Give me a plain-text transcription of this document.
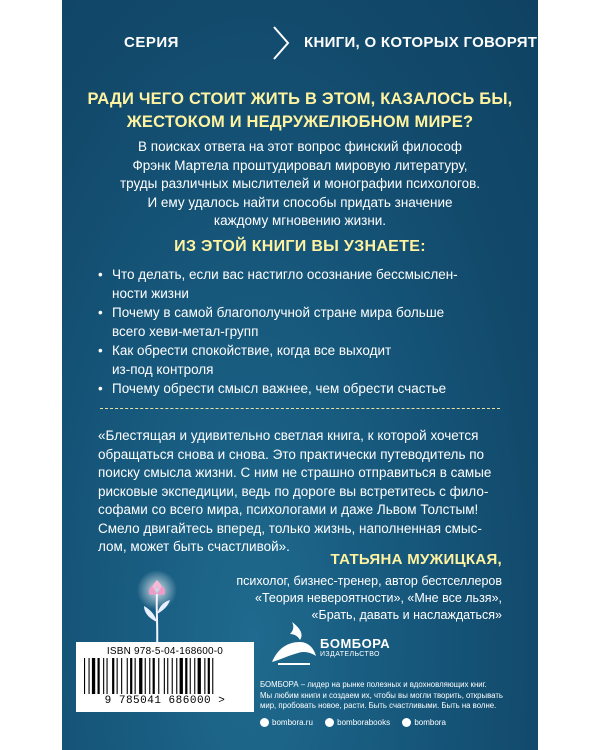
СЕРИЯ	КНИГИ, О КОТОРЫХ ГОВОРЯТ
РАДИ ЧЕГО СТОИТ ЖИТЬ В ЭТОМ, КАЗАЛОСЬ БЫ,
ЖЕСТОКОМ И НЕДРУЖЕЛЮБНОМ МИРЕ?
В поисках ответа на этот вопрос финский философ
Фрэнк Мартела проштудировал мировую литературу,
труды различных мыслителей и монографии психологов.
И ему удалось найти способы придать значение
каждому мгновению жизни.
ИЗ ЭТОЙ КНИГИ ВЫ УЗНАЕТЕ:
• Что делать, если вас настигло осознание бессмыслен-
ности жизни
• Почему в самой благополучной стране мира больше
всего хеви-метал-групп
• Как обрести спокойствие, когда все выходит
из-под контроля
• Почему обрести смысл важнее, чем обрести счастье
«Блестящая и удивительно светлая книга, к которой хочется
обращаться снова и снова. Это практически путеводитель по
поиску смысла жизни. С ним не страшно отправиться в самые
рисковые экспедиции, ведь по дороге вы встретитесь с фило-
софами со всего мира, психологами и даже Львом Толстым!
Смело двигайтесь вперед, только жизнь, наполненная смыс-
лом, может быть счастливой».
ТАТЬЯНА МУЖИЦКАЯ,
психолог, бизнес-тренер, автор бестселлеров
«Теория невероятности», «Мне все льзя»,
«Брать, давать и наслаждаться»
ISBN 978-5-04-168600-0
9 785041 686000 >
БОМБОРА
ИЗДАТЕЛЬСТВО
БОМБОРА – лидер на рынке полезных и вдохновляющих книг.
Мы любим книги и создаем их, чтобы вы могли творить, открывать
мир, пробовать новое, расти. Быть счастливыми. Быть на волне.
bombora.ru
	bomborabooks
	bombora
